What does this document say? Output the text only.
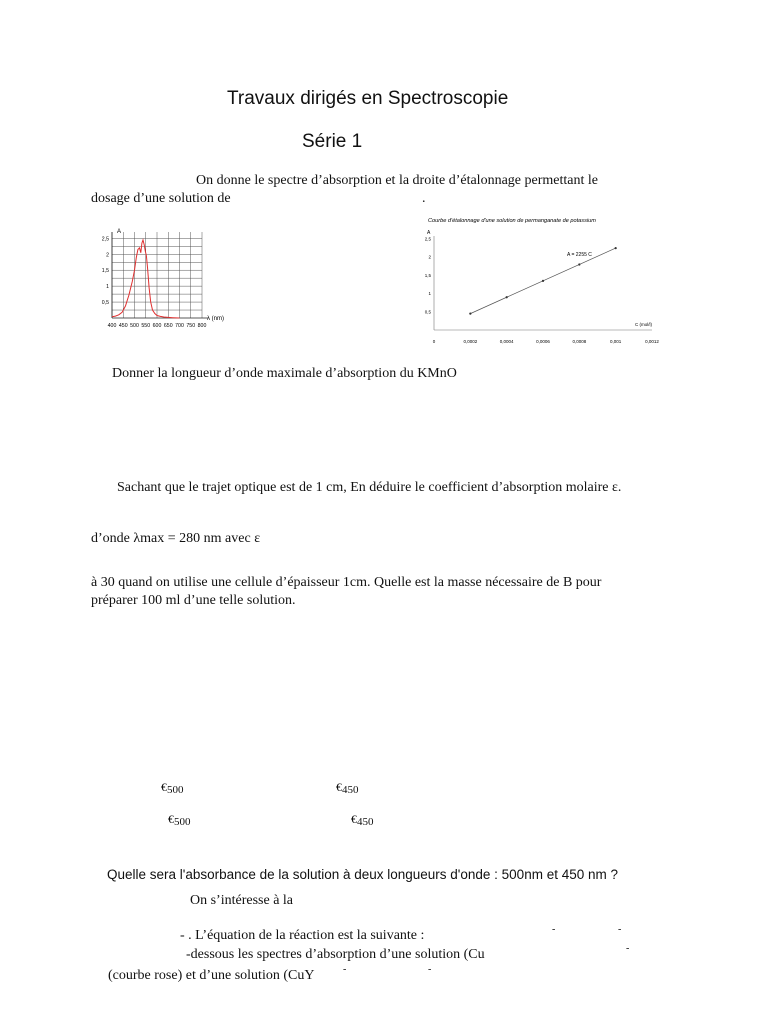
Travaux dirigés en Spectroscopie
Série 1
On donne le spectre d’absorption et la droite d’étalonnage permettant le
dosage d’une solution de	.
0,5
1
1,5
2
2,5
400 450 500 550 600 650 700 750 800
A
λ (nm)
Courbe d'étalonnage d'une solution de permanganate de potassium
0,5
1
1,5
2
2,5
0	0,0002	0,0004	0,0006	0,0008	0,001	0,0012
A
C (mol/l)
A = 2255 C
Donner la longueur d’onde maximale d’absorption du KMnO
Sachant que le trajet optique est de 1 cm, En déduire le coefficient d’absorption molaire ε.
d’onde λmax = 280 nm avec ε
à 30 quand on utilise une cellule d’épaisseur 1cm. Quelle est la masse nécessaire de B pour
préparer 100 ml d’une telle solution.
€500	€450
€500	€450
Quelle sera l'absorbance de la solution à deux longueurs d'onde : 500nm et 450 nm ?
On s’intéresse à la
- . L’équation de la réaction est la suivante :	-	-
-dessous les spectres d’absorption d’une solution (Cu	-
(courbe rose) et d’une solution (CuY	-	-
